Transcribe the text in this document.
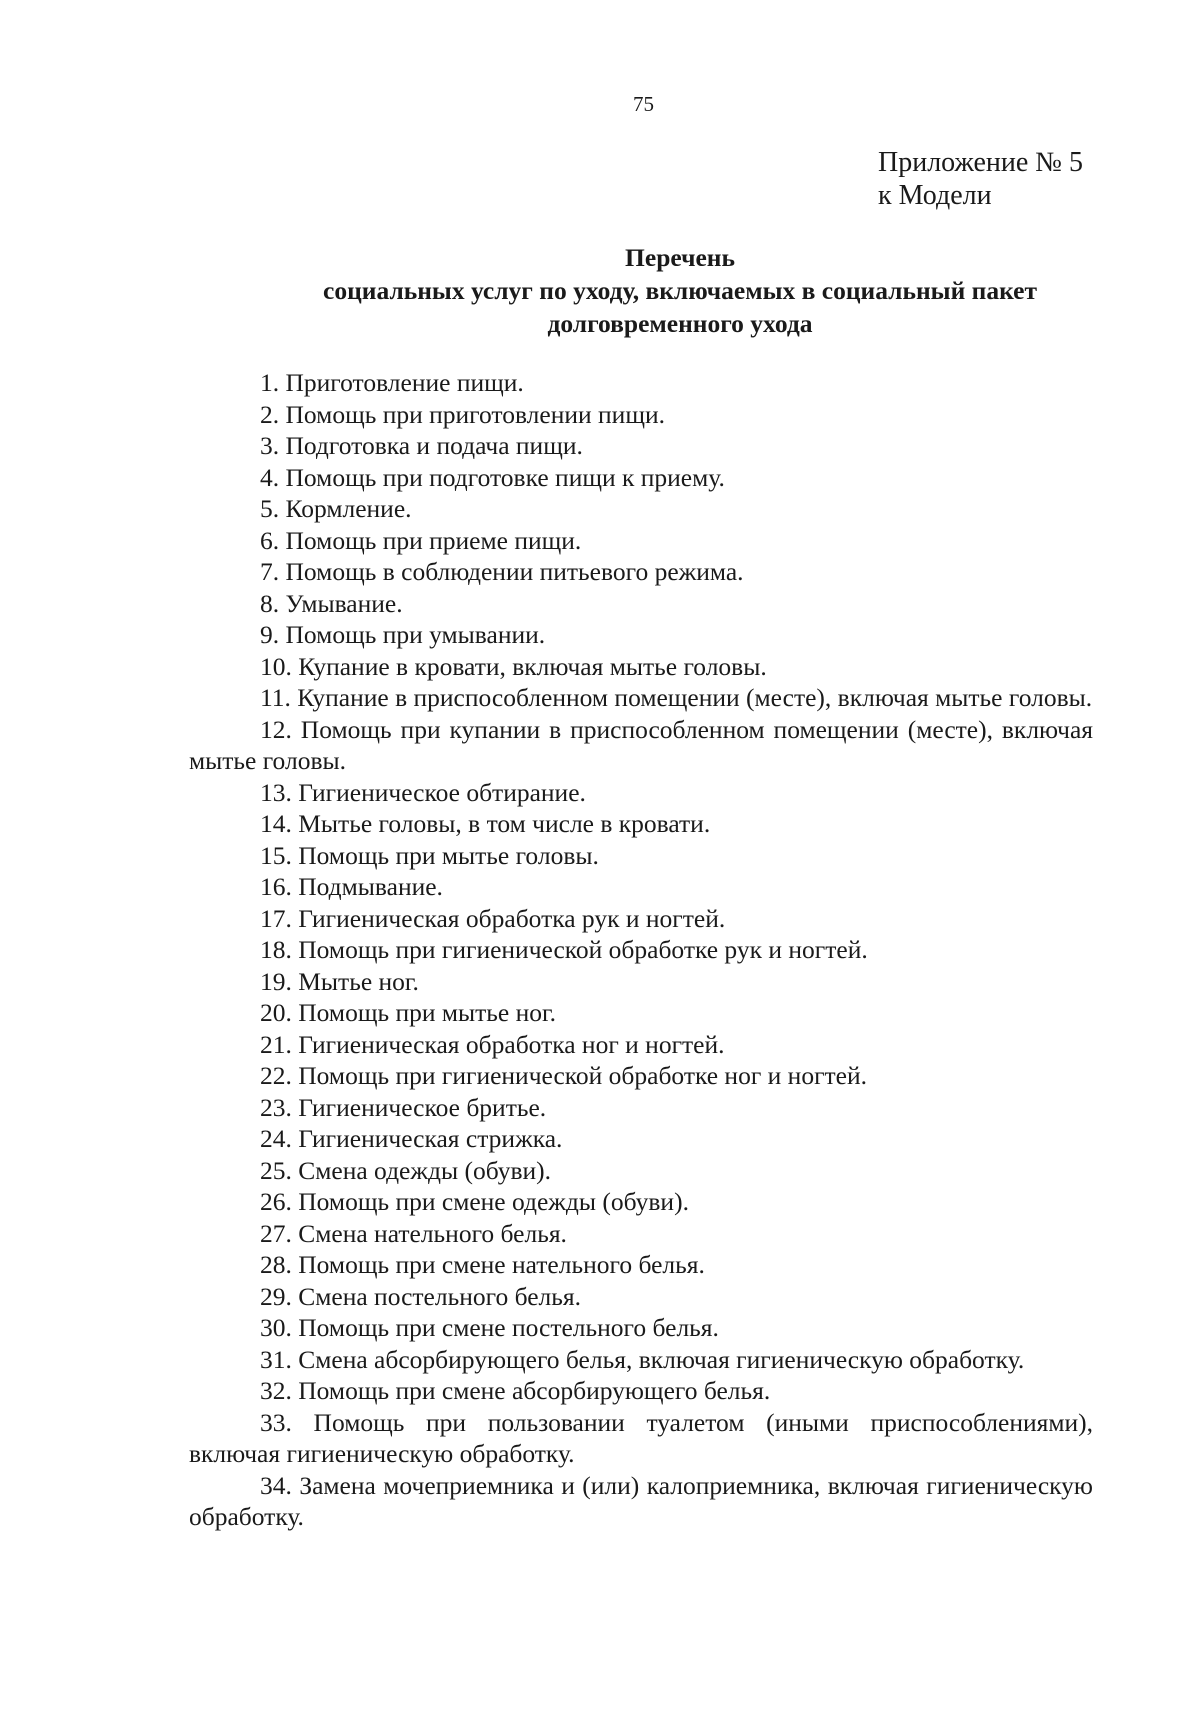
75

Приложение № 5
к Модели
Перечень
социальных услуг по уходу, включаемых в социальный пакет
долговременного ухода
1. Приготовление пищи.
2. Помощь при приготовлении пищи.
3. Подготовка и подача пищи.
4. Помощь при подготовке пищи к приему.
5. Кормление.
6. Помощь при приеме пищи.
7. Помощь в соблюдении питьевого режима.
8. Умывание.
9. Помощь при умывании.
10. Купание в кровати, включая мытье головы.
11. Купание в приспособленном помещении (месте), включая мытье головы.
12. Помощь при купании в приспособленном помещении (месте), включая мытье головы.
13. Гигиеническое обтирание.
14. Мытье головы, в том числе в кровати.
15. Помощь при мытье головы.
16. Подмывание.
17. Гигиеническая обработка рук и ногтей.
18. Помощь при гигиенической обработке рук и ногтей.
19. Мытье ног.
20. Помощь при мытье ног.
21. Гигиеническая обработка ног и ногтей.
22. Помощь при гигиенической обработке ног и ногтей.
23. Гигиеническое бритье.
24. Гигиеническая стрижка.
25. Смена одежды (обуви).
26. Помощь при смене одежды (обуви).
27. Смена нательного белья.
28. Помощь при смене нательного белья.
29. Смена постельного белья.
30. Помощь при смене постельного белья.
31. Смена абсорбирующего белья, включая гигиеническую обработку.
32. Помощь при смене абсорбирующего белья.
33. Помощь при пользовании туалетом (иными приспособлениями), включая гигиеническую обработку.
34. Замена мочеприемника и (или) калоприемника, включая гигиеническую обработку.
